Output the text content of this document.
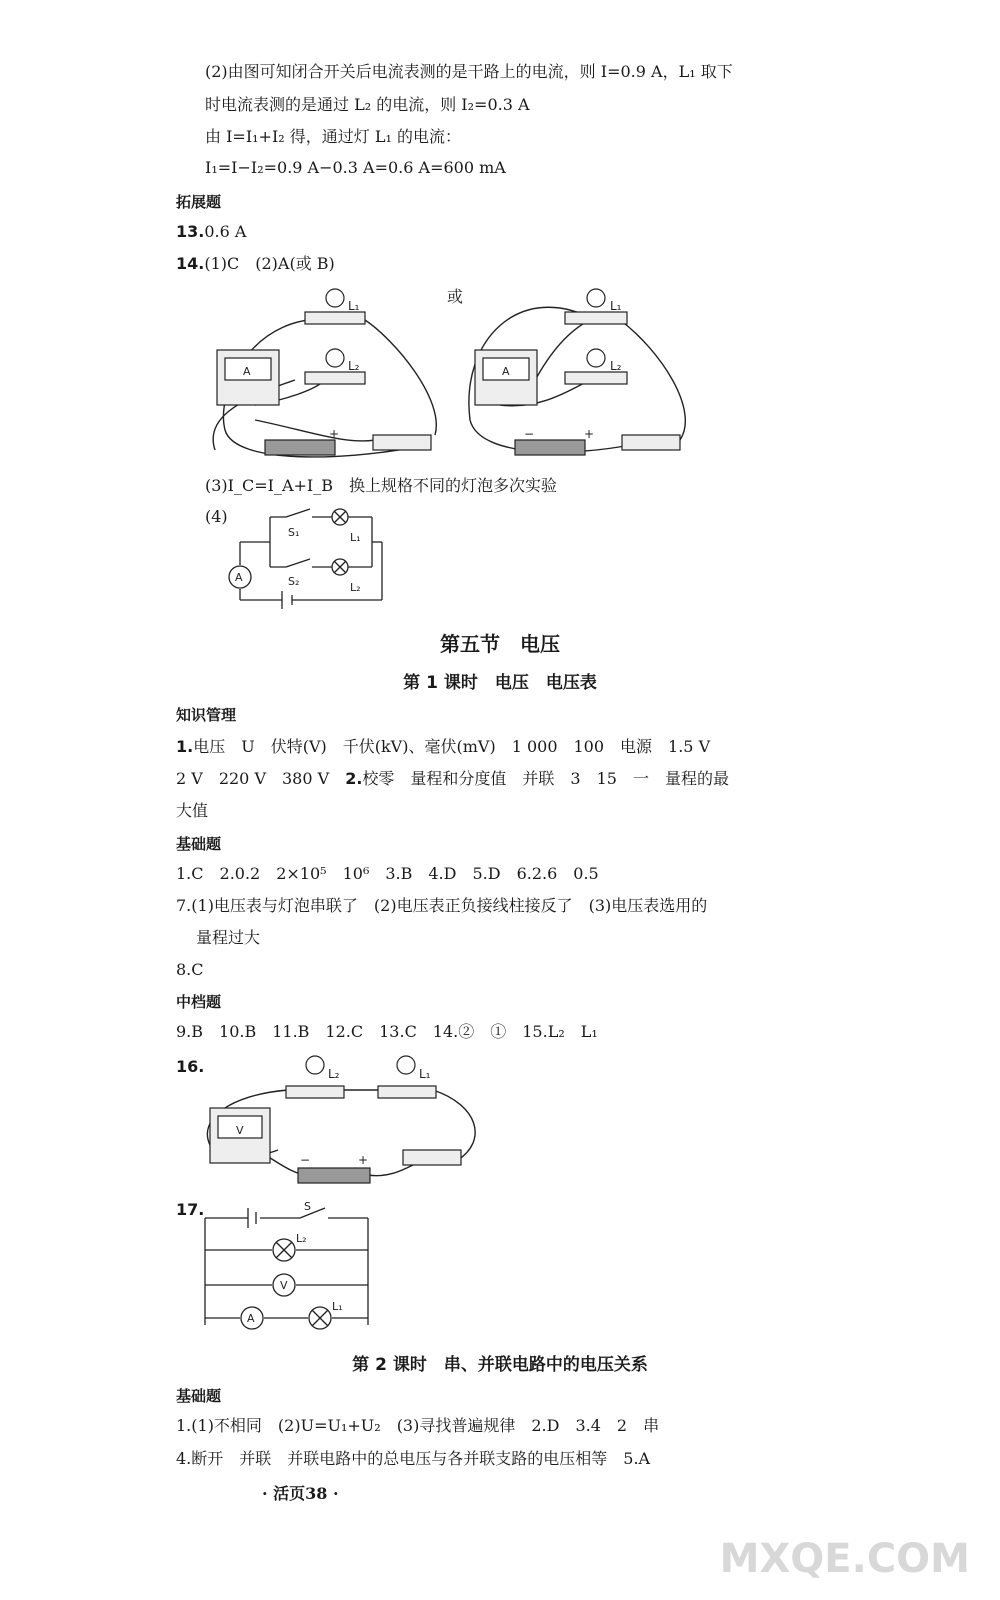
(2)由图可知闭合开关后电流表测的是干路上的电流，则 I=0.9 A，L₁ 取下
时电流表测的是通过 L₂ 的电流，则 I₂=0.3 A
由 I=I₁+I₂ 得，通过灯 L₁ 的电流：
I₁=I−I₂=0.9 A−0.3 A=0.6 A=600 mA
拓展题
13.0.6 A
14.(1)C　(2)A(或 B)
或
L₁
L₂
A
+
L₁
L₂
A
−	+
(3)I_C=I_A+I_B　换上规格不同的灯泡多次实验
(4)
A
S₁
S₂
L₁
L₂
第五节　电压
第 1 课时　电压　电压表
知识管理
1.电压　U　伏特(V)　千伏(kV)、毫伏(mV)　1 000　100　电源　1.5 V
2 V　220 V　380 V　 2.校零　量程和分度值　并联　3　15　一　量程的最
大值
基础题
1.C　2.0.2　2×10⁵　10⁶　3.B　4.D　5.D　6.2.6　0.5
7.(1)电压表与灯泡串联了　(2)电压表正负接线柱接反了　(3)电压表选用的
量程过大
8.C
中档题
9.B　10.B　11.B　12.C　13.C　14.②　①　15.L₂　L₁
16.	L₂	L₁
V
−	+
17.	S
L₂
V
A
L₁
第 2 课时　串、并联电路中的电压关系
基础题
1.(1)不相同　(2)U=U₁+U₂　(3)寻找普遍规律　2.D　3.4　2　串
4.断开　并联　并联电路中的总电压与各并联支路的电压相等　5.A
· 活页38 ·
MXQE.COM
